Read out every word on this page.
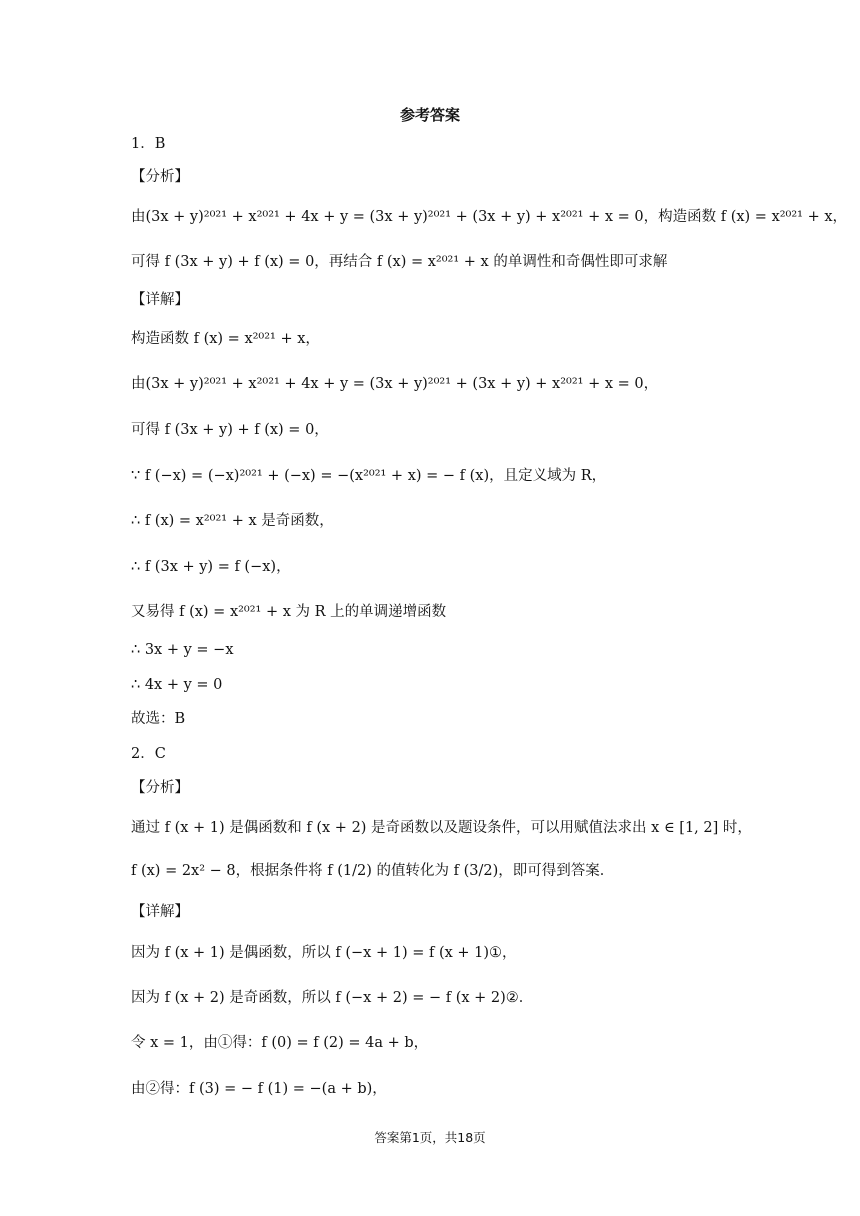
参考答案
1．B
【分析】
由(3x + y)²⁰²¹ + x²⁰²¹ + 4x + y = (3x + y)²⁰²¹ + (3x + y) + x²⁰²¹ + x = 0，构造函数 f (x) = x²⁰²¹ + x，
可得 f (3x + y) + f (x) = 0，再结合 f (x) = x²⁰²¹ + x 的单调性和奇偶性即可求解
【详解】
构造函数 f (x) = x²⁰²¹ + x，
由(3x + y)²⁰²¹ + x²⁰²¹ + 4x + y = (3x + y)²⁰²¹ + (3x + y) + x²⁰²¹ + x = 0，
可得 f (3x + y) + f (x) = 0，
∵ f (−x) = (−x)²⁰²¹ + (−x) = −(x²⁰²¹ + x) = − f (x)，且定义域为 R，
∴ f (x) = x²⁰²¹ + x 是奇函数，
∴ f (3x + y) = f (−x)，
又易得 f (x) = x²⁰²¹ + x 为 R 上的单调递增函数
∴ 3x + y = −x
∴ 4x + y = 0
故选：B
2．C
【分析】
通过 f (x + 1) 是偶函数和 f (x + 2) 是奇函数以及题设条件，可以用赋值法求出 x ∈ [1, 2] 时，
f (x) = 2x² − 8，根据条件将 f (1/2) 的值转化为 f (3/2)，即可得到答案．
【详解】
因为 f (x + 1) 是偶函数，所以 f (−x + 1) = f (x + 1)①，
因为 f (x + 2) 是奇函数，所以 f (−x + 2) = − f (x + 2)②．
令 x = 1，由①得：f (0) = f (2) = 4a + b，
由②得：f (3) = − f (1) = −(a + b)，
答案第1页，共18页
